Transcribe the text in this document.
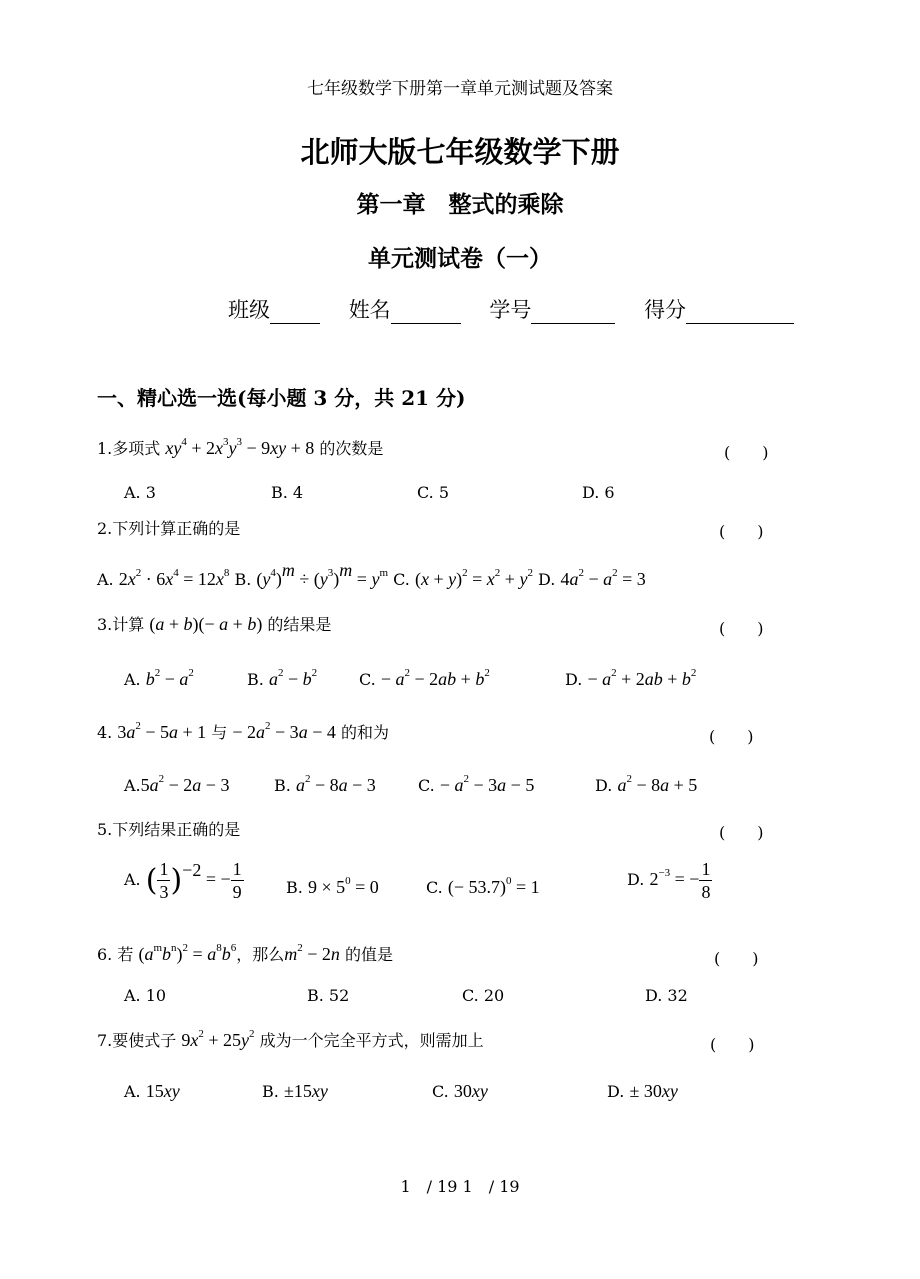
七年级数学下册第一章单元测试题及答案
北师大版七年级数学下册
第一章　整式的乘除
单元测试卷（一）
班级	姓名	学号	得分
一、精心选一选(每小题 3 分，共 21 分)
1.多项式 $xy^4 + 2x^3y^3 - 9xy + 8$ 的次数是	(　　)
A. 3	B. 4	C. 5	D. 6
2.下列计算正确的是	(　　)
A. $2x^2 \cdot 6x^4 = 12x^8$ B. $(y^4)^m \div (y^3)^m = y^m$ C. $(x + y)^2 = x^2 + y^2$ D. $4a^2 - a^2 = 3$
3.计算 (a + b)(− a + b) 的结果是	(　　)
A. $b^2 - a^2$	B. $a^2 - b^2$	C. − $a^2 - 2ab + b^2$	D. − $a^2 + 2ab + b^2$
4. $3a^2 - 5a + 1$ 与 − $2a^2 - 3a - 4$ 的和为	(　　)
$A.5a^2 - 2a - 3$	B. $a^2 - 8a - 3$	C. − $a^2 - 3a - 5$	D. $a^2 - 8a + 5$
5.下列结果正确的是	(　　)
A. ( $\frac{1}{3} )^{-2}$ = − $\frac{1}{9}$	B. $9 \times 5^0 = 0$	C. (− 53.7)$^0$ = 1	D. $2^{-3}$ = − $\frac{1}{8}$
6. 若 $(a^mb^n)^2 = a^8b^6$，那么$m^2 - 2n$ 的值是	(　　)
A. 10	B. 52	C. 20	D. 32
7.要使式子 $9x^2 + 25y^2$ 成为一个完全平方式，则需加上	(　　)
A. 15xy	B. ±15xy	C. 30xy	D. ± 30xy
1　/ 19 1　/ 19
